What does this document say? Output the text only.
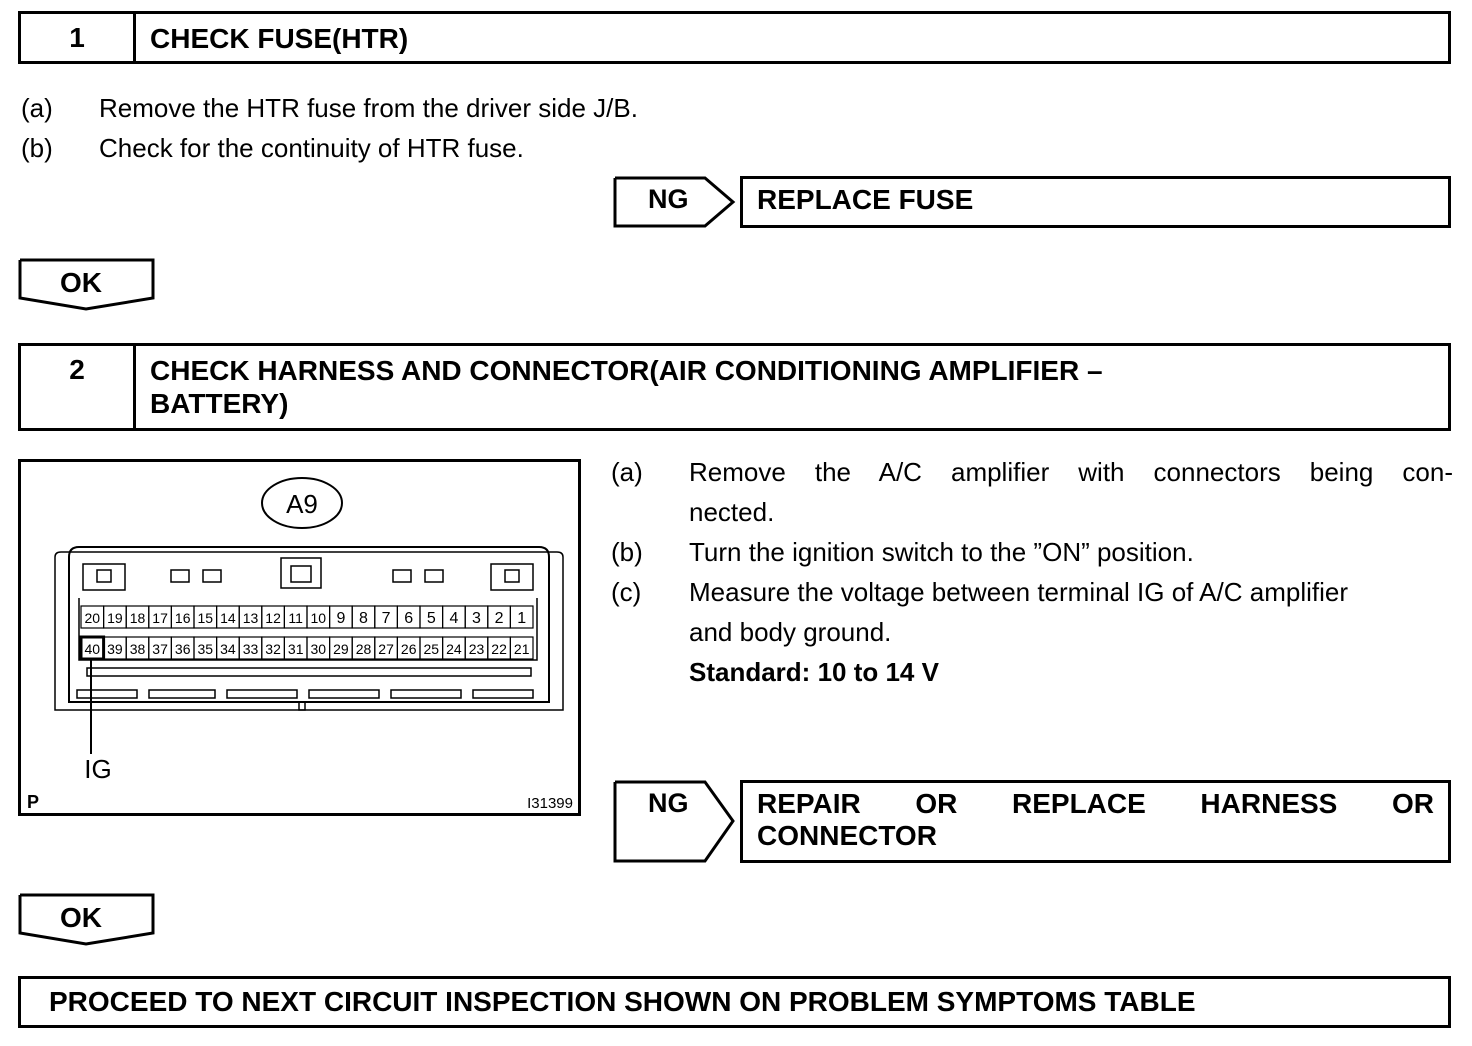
1	CHECK FUSE(HTR)
(a) Remove the HTR fuse from the driver side J/B.
(b) Check for the continuity of HTR fuse.
NG	REPLACE FUSE
OK
2	CHECK HARNESS AND CONNECTOR(AIR CONDITIONING AMPLIFIER –
BATTERY)
A9
20 19 18 17 16 15 14 13 12 11 10 9 8 7 6 5 4 3 2 1
40 39 38 37 36 35 34 33 32 31 30 29 28 27 26 25 24 23 22 21
IG
P	I31399
(a)	Remove the A/C amplifier with connectors being con-
nected.
(b)	Turn the ignition switch to the ”ON” position.
(c)	Measure the voltage between terminal IG of A/C amplifier
and body ground.
Standard: 10 to 14 V
NG REPAIR OR REPLACE HARNESS OR
CONNECTOR
OK
PROCEED TO NEXT CIRCUIT INSPECTION SHOWN ON PROBLEM SYMPTOMS TABLE
